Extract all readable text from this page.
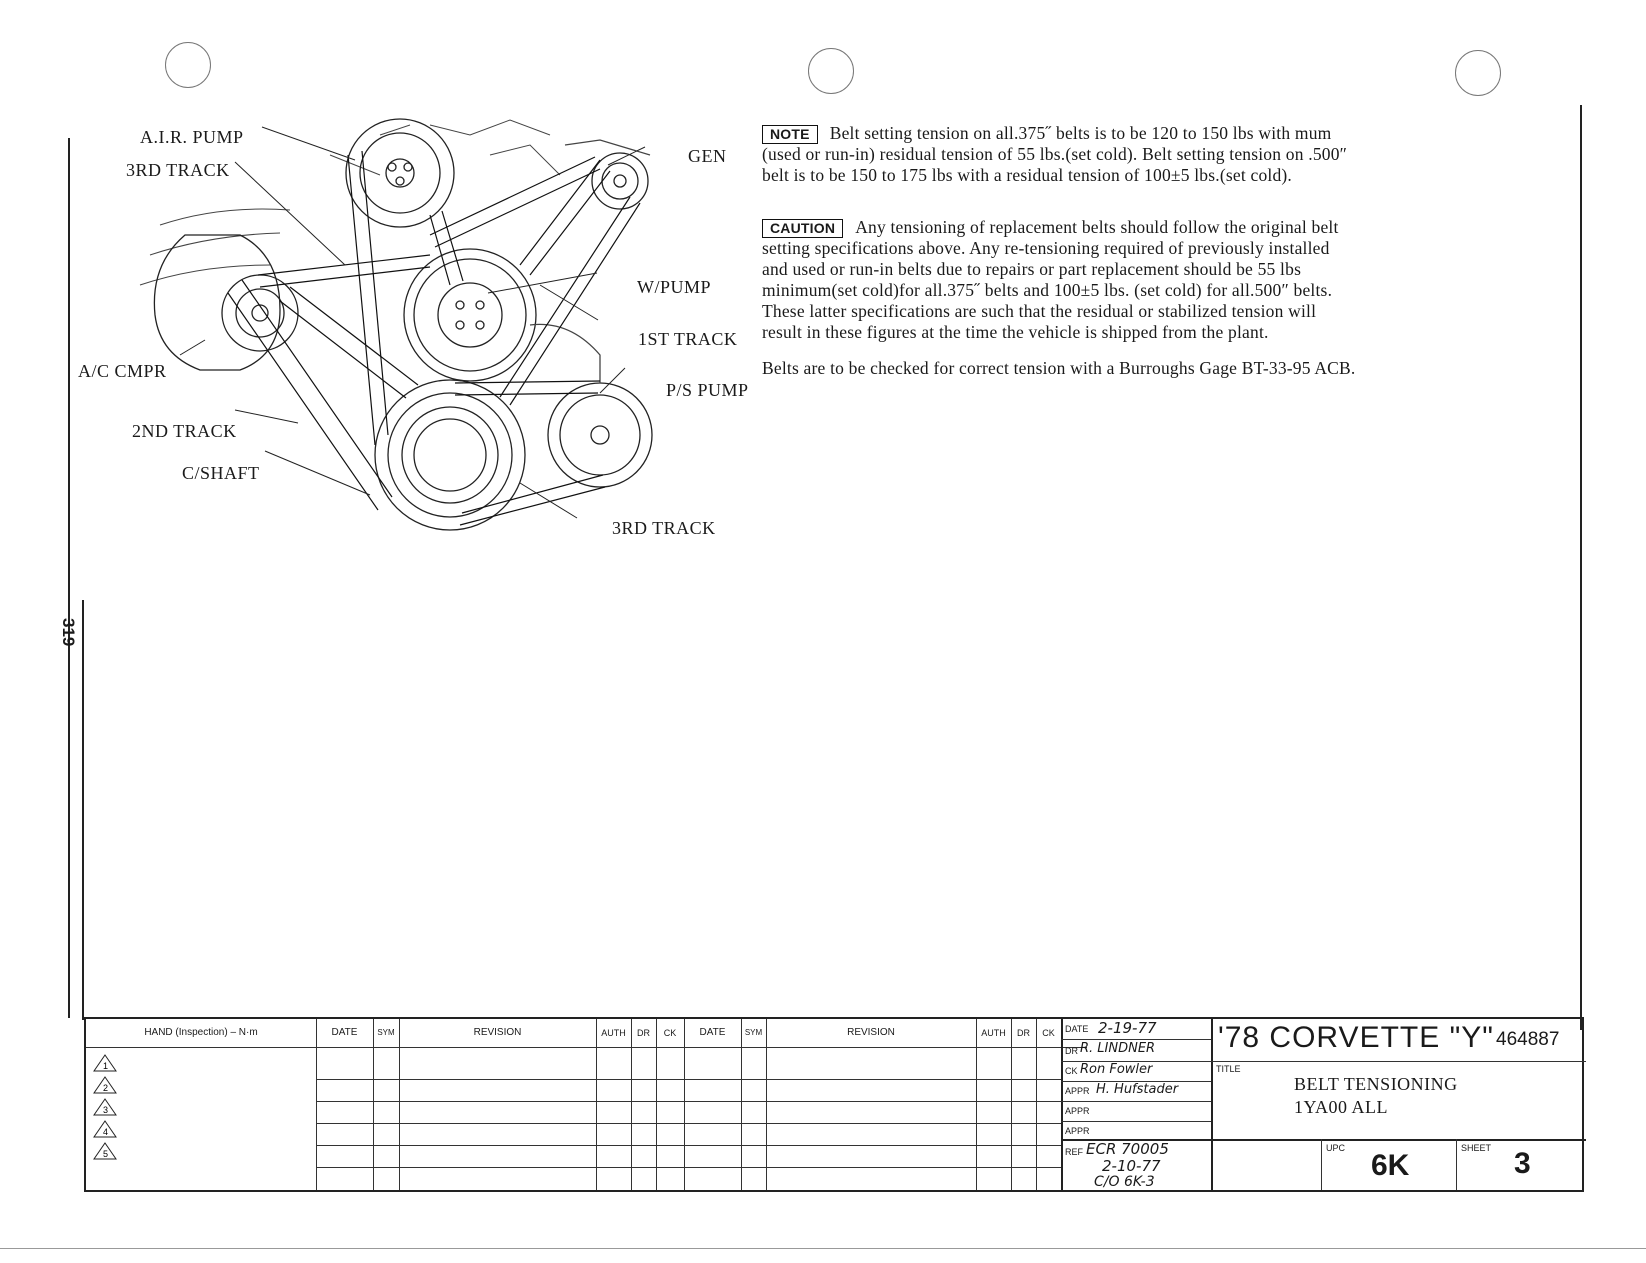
319
A.I.R. PUMP
3RD TRACK
GEN
W/PUMP
1ST TRACK
A/C CMPR
P/S PUMP
2ND TRACK
C/SHAFT
3RD TRACK

NOTE Belt setting tension on all.375˝ belts is to be 120 to 150 lbs with mum

(used or run-in) residual tension of 55 lbs.(set cold). Belt setting tension on .500″

belt is to be 150 to 175 lbs with a residual tension of 100±5 lbs.(set cold).

CAUTION Any tensioning of replacement belts should follow the original belt

setting specifications above. Any re-tensioning required of previously installed

and used or run-in belts due to repairs or part replacement should be 55 lbs

minimum(set cold)for all.375˝ belts and 100±5 lbs. (set cold) for all.500″ belts.

These latter specifications are such that the residual or stabilized tension will

result in these figures at the time the vehicle is shipped from the plant.

Belts are to be checked for correct tension with a Burroughs Gage BT-33-95 ACB.
HAND (Inspection) – N·m	DATE	SYM	REVISION	AUTH	DR	CK	DATE	SYM	REVISION	AUTH	DR	CK
1
2
3
4
5
DATE 2-19-77
DR R. LINDNER
CK Ron Fowler
APPR H. Hufstader
APPR
APPR
REF ECR 70005
2-10-77
C/O 6K-3
'78 CORVETTE "Y" 464887
TITLE
BELT TENSIONING
1YA00 ALL
UPC
6K
SHEET 3
